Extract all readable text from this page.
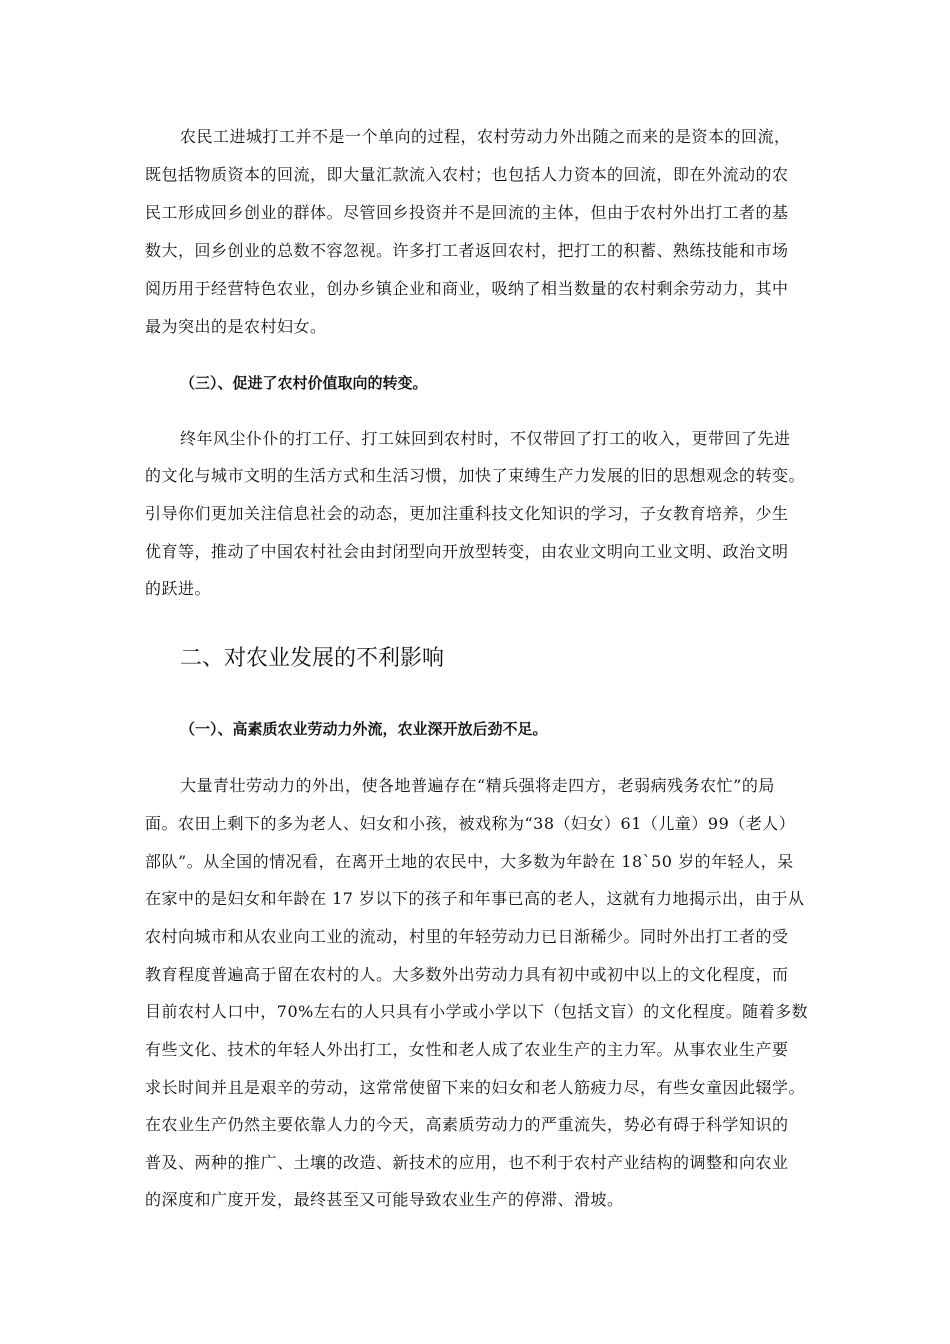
农民工进城打工并不是一个单向的过程，农村劳动力外出随之而来的是资本的回流，
既包括物质资本的回流，即大量汇款流入农村；也包括人力资本的回流，即在外流动的农
民工形成回乡创业的群体。尽管回乡投资并不是回流的主体，但由于农村外出打工者的基
数大，回乡创业的总数不容忽视。许多打工者返回农村，把打工的积蓄、熟练技能和市场
阅历用于经营特色农业，创办乡镇企业和商业，吸纳了相当数量的农村剩余劳动力，其中
最为突出的是农村妇女。
（三）、促进了农村价值取向的转变。
终年风尘仆仆的打工仔、打工妹回到农村时，不仅带回了打工的收入，更带回了先进
的文化与城市文明的生活方式和生活习惯，加快了束缚生产力发展的旧的思想观念的转变。
引导你们更加关注信息社会的动态，更加注重科技文化知识的学习，子女教育培养，少生
优育等，推动了中国农村社会由封闭型向开放型转变，由农业文明向工业文明、政治文明
的跃进。
二、对农业发展的不利影响
（一）、高素质农业劳动力外流，农业深开放后劲不足。
大量青壮劳动力的外出，使各地普遍存在“精兵强将走四方，老弱病残务农忙”的局
面。农田上剩下的多为老人、妇女和小孩，被戏称为“38（妇女）61（儿童）99（老人）
部队”。从全国的情况看，在离开土地的农民中，大多数为年龄在 18`50 岁的年轻人，呆
在家中的是妇女和年龄在 17 岁以下的孩子和年事已高的老人，这就有力地揭示出，由于从
农村向城市和从农业向工业的流动，村里的年轻劳动力已日渐稀少。同时外出打工者的受
教育程度普遍高于留在农村的人。大多数外出劳动力具有初中或初中以上的文化程度，而
目前农村人口中，70%左右的人只具有小学或小学以下（包括文盲）的文化程度。随着多数
有些文化、技术的年轻人外出打工，女性和老人成了农业生产的主力军。从事农业生产要
求长时间并且是艰辛的劳动，这常常使留下来的妇女和老人筋疲力尽，有些女童因此辍学。
在农业生产仍然主要依靠人力的今天，高素质劳动力的严重流失，势必有碍于科学知识的
普及、两种的推广、土壤的改造、新技术的应用，也不利于农村产业结构的调整和向农业
的深度和广度开发，最终甚至又可能导致农业生产的停滞、滑坡。
